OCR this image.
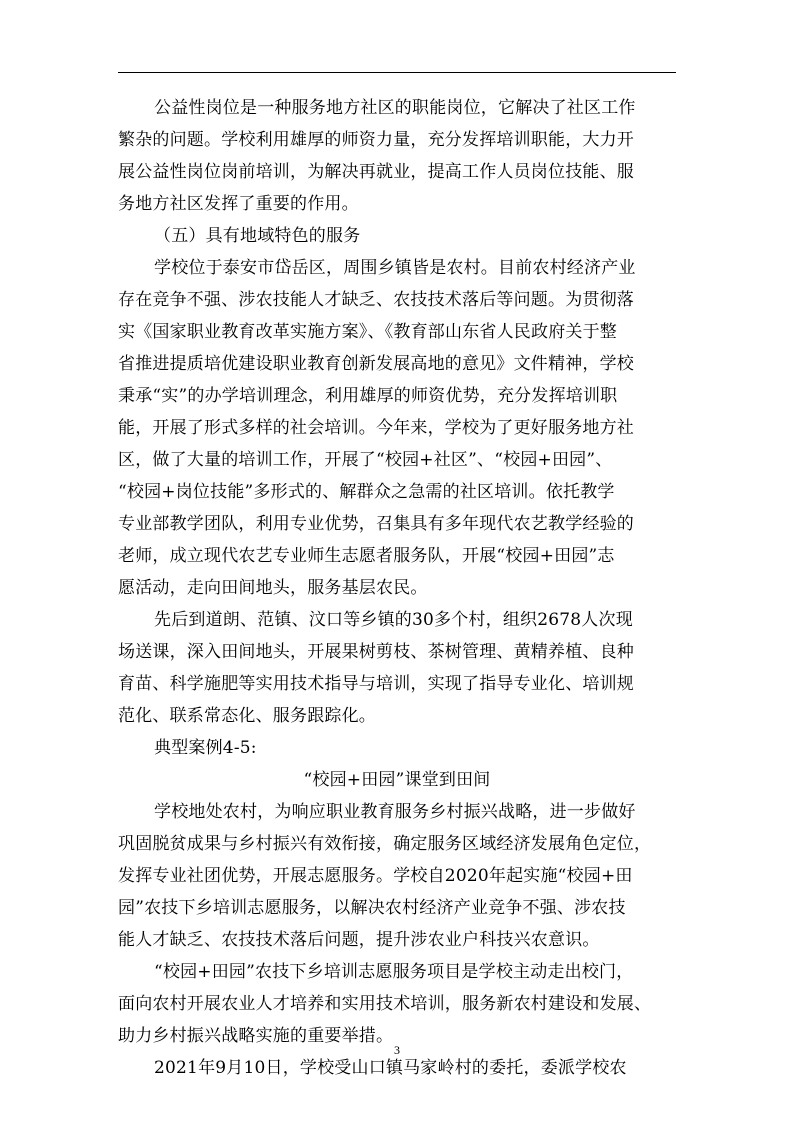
公益性岗位是一种服务地方社区的职能岗位，它解决了社区工作
繁杂的问题。学校利用雄厚的师资力量，充分发挥培训职能，大力开
展公益性岗位岗前培训，为解决再就业，提高工作人员岗位技能、服
务地方社区发挥了重要的作用。
（五）具有地域特色的服务
学校位于泰安市岱岳区，周围乡镇皆是农村。目前农村经济产业
存在竞争不强、涉农技能人才缺乏、农技技术落后等问题。为贯彻落
实《国家职业教育改革实施方案》、《教育部山东省人民政府关于整
省推进提质培优建设职业教育创新发展高地的意见》文件精神，学校
秉承“实”的办学培训理念，利用雄厚的师资优势，充分发挥培训职
能，开展了形式多样的社会培训。今年来，学校为了更好服务地方社
区，做了大量的培训工作，开展了“校园+社区”、“校园+田园”、
“校园+岗位技能”多形式的、解群众之急需的社区培训。依托教学
专业部教学团队，利用专业优势，召集具有多年现代农艺教学经验的
老师，成立现代农艺专业师生志愿者服务队，开展“校园+田园”志
愿活动，走向田间地头，服务基层农民。
先后到道朗、范镇、汶口等乡镇的30多个村，组织2678人次现
场送课，深入田间地头，开展果树剪枝、茶树管理、黄精养植、良种
育苗、科学施肥等实用技术指导与培训，实现了指导专业化、培训规
范化、联系常态化、服务跟踪化。
典型案例4-5:
“校园+田园”课堂到田间
学校地处农村，为响应职业教育服务乡村振兴战略，进一步做好
巩固脱贫成果与乡村振兴有效衔接，确定服务区域经济发展角色定位，
发挥专业社团优势，开展志愿服务。学校自2020年起实施“校园+田
园”农技下乡培训志愿服务，以解决农村经济产业竞争不强、涉农技
能人才缺乏、农技技术落后问题，提升涉农业户科技兴农意识。
“校园+田园”农技下乡培训志愿服务项目是学校主动走出校门，
面向农村开展农业人才培养和实用技术培训，服务新农村建设和发展、
助力乡村振兴战略实施的重要举措。
2021年9月10日，学校受山口镇马家岭村的委托，委派学校农
3
